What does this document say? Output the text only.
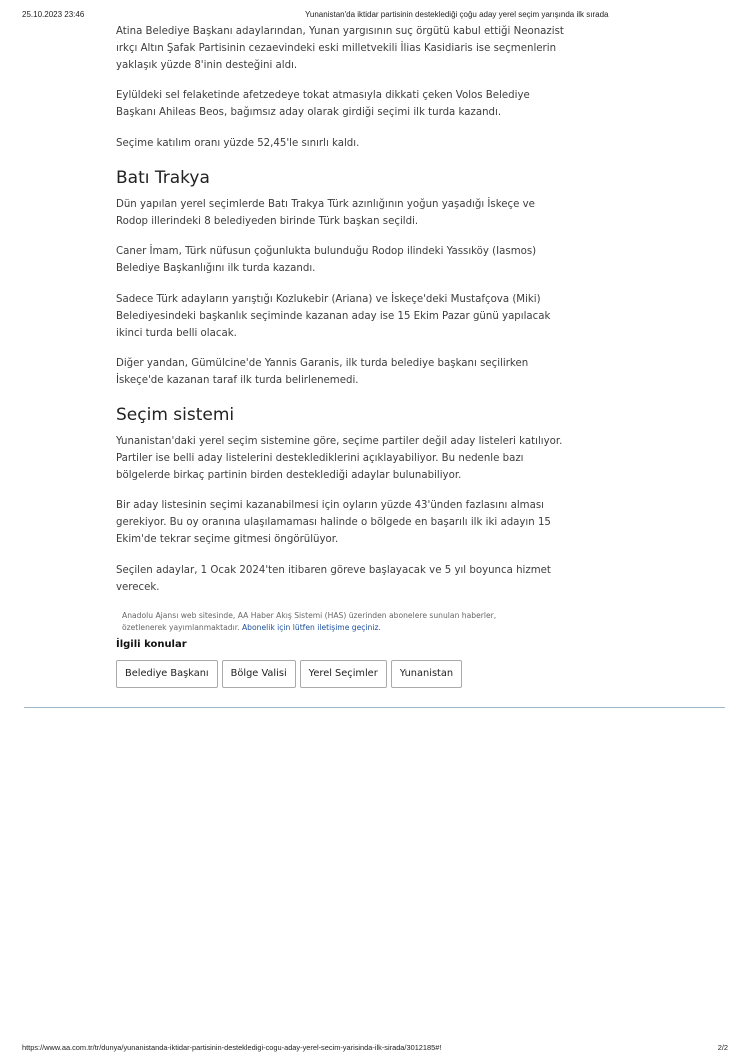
25.10.2023 23:46	Yunanistan'da iktidar partisinin desteklediği çoğu aday yerel seçim yarışında ilk sırada

Atina Belediye Başkanı adaylarından, Yunan yargısının suç örgütü kabul ettiği Neonazist ırkçı Altın Şafak Partisinin cezaevindeki eski milletvekili İlias Kasidiaris ise seçmenlerin yaklaşık yüzde 8'inin desteğini aldı.

Eylüldeki sel felaketinde afetzedeye tokat atmasıyla dikkati çeken Volos Belediye Başkanı Ahileas Beos, bağımsız aday olarak girdiği seçimi ilk turda kazandı.

Seçime katılım oranı yüzde 52,45'le sınırlı kaldı.

Batı Trakya

Dün yapılan yerel seçimlerde Batı Trakya Türk azınlığının yoğun yaşadığı İskeçe ve Rodop illerindeki 8 belediyeden birinde Türk başkan seçildi.

Caner İmam, Türk nüfusun çoğunlukta bulunduğu Rodop ilindeki Yassıköy (Iasmos) Belediye Başkanlığını ilk turda kazandı.

Sadece Türk adayların yarıştığı Kozlukebir (Ariana) ve İskeçe'deki Mustafçova (Miki) Belediyesindeki başkanlık seçiminde kazanan aday ise 15 Ekim Pazar günü yapılacak ikinci turda belli olacak.

Diğer yandan, Gümülcine'de Yannis Garanis, ilk turda belediye başkanı seçilirken İskeçe'de kazanan taraf ilk turda belirlenemedi.

Seçim sistemi

Yunanistan'daki yerel seçim sistemine göre, seçime partiler değil aday listeleri katılıyor. Partiler ise belli aday listelerini desteklediklerini açıklayabiliyor. Bu nedenle bazı bölgelerde birkaç partinin birden desteklediği adaylar bulunabiliyor.

Bir aday listesinin seçimi kazanabilmesi için oyların yüzde 43'ünden fazlasını alması gerekiyor. Bu oy oranına ulaşılamaması halinde o bölgede en başarılı ilk iki adayın 15 Ekim'de tekrar seçime gitmesi öngörülüyor.

Seçilen adaylar, 1 Ocak 2024'ten itibaren göreve başlayacak ve 5 yıl boyunca hizmet verecek.

Anadolu Ajansı web sitesinde, AA Haber Akış Sistemi (HAS) üzerinden abonelere sunulan haberler, özetlenerek yayımlanmaktadır. Abonelik için lütfen iletişime geçiniz.
İlgili konular
Belediye Başkanı	Bölge Valisi	Yerel Seçimler	Yunanistan
https://www.aa.com.tr/tr/dunya/yunanistanda-iktidar-partisinin-destekledigi-cogu-aday-yerel-secim-yarisinda-ilk-sirada/3012185#!	2/2
